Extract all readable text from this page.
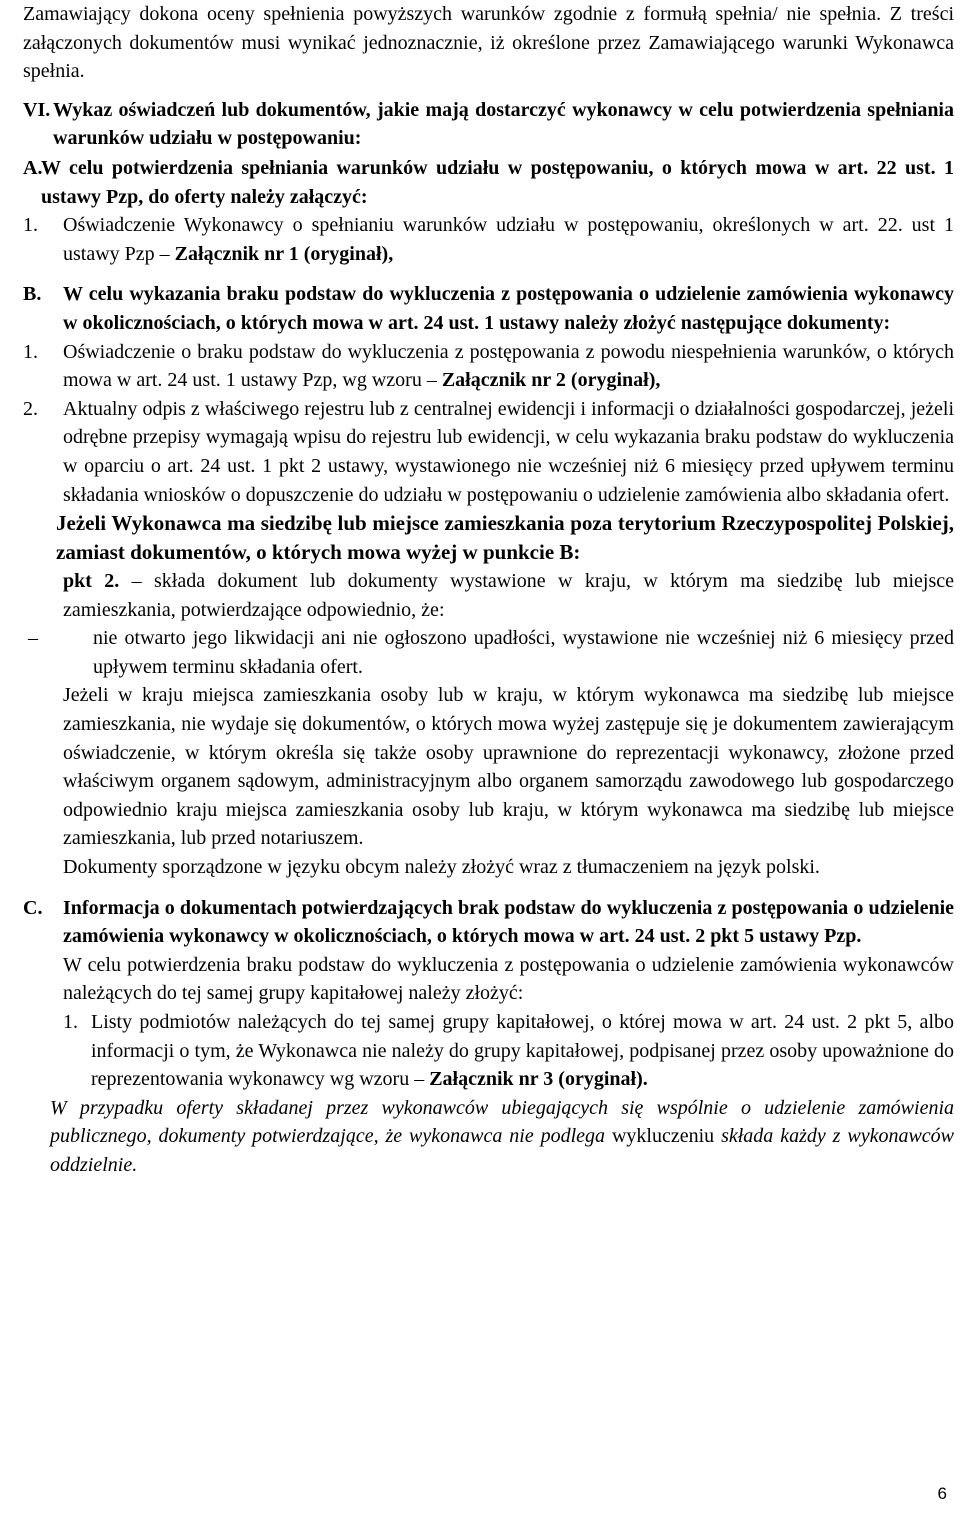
Zamawiający dokona oceny spełnienia powyższych warunków zgodnie z formułą spełnia/ nie spełnia. Z treści załączonych dokumentów musi wynikać jednoznacznie, iż określone przez Zamawiającego warunki Wykonawca spełnia.

VI. Wykaz oświadczeń lub dokumentów, jakie mają dostarczyć wykonawcy w celu potwierdzenia spełniania warunków udziału w postępowaniu:
A.
W celu potwierdzenia spełniania warunków udziału w postępowaniu, o których mowa w art. 22 ust. 1 ustawy Pzp, do oferty należy załączyć:
1.	Oświadczenie Wykonawcy o spełnianiu warunków udziału w postępowaniu, określonych w art. 22. ust 1 ustawy Pzp – Załącznik nr 1 (oryginał),
B.	W celu wykazania braku podstaw do wykluczenia z postępowania o udzielenie zamówienia wykonawcy w okolicznościach, o których mowa w art. 24 ust. 1 ustawy należy złożyć następujące dokumenty:
1.	Oświadczenie o braku podstaw do wykluczenia z postępowania z powodu niespełnienia warunków, o których mowa w art. 24 ust. 1 ustawy Pzp, wg wzoru – Załącznik nr 2 (oryginał),
2.	Aktualny odpis z właściwego rejestru lub z centralnej ewidencji i informacji o działalności gospodarczej, jeżeli odrębne przepisy wymagają wpisu do rejestru lub ewidencji, w celu wykazania braku podstaw do wykluczenia w oparciu o art. 24 ust. 1 pkt 2 ustawy, wystawionego nie wcześniej niż 6 miesięcy przed upływem terminu składania wniosków o dopuszczenie do udziału w postępowaniu o udzielenie zamówienia albo składania ofert.

Jeżeli Wykonawca ma siedzibę lub miejsce zamieszkania poza terytorium Rzeczypospolitej Polskiej, zamiast dokumentów, o których mowa wyżej w punkcie B:

pkt 2. – składa dokument lub dokumenty wystawione w kraju, w którym ma siedzibę lub miejsce zamieszkania, potwierdzające odpowiednio, że:
–	nie otwarto jego likwidacji ani nie ogłoszono upadłości, wystawione nie wcześniej niż 6 miesięcy przed upływem terminu składania ofert.

Jeżeli w kraju miejsca zamieszkania osoby lub w kraju, w którym wykonawca ma siedzibę lub miejsce zamieszkania, nie wydaje się dokumentów, o których mowa wyżej zastępuje się je dokumentem zawierającym oświadczenie, w którym określa się także osoby uprawnione do reprezentacji wykonawcy, złożone przed właściwym organem sądowym, administracyjnym albo organem samorządu zawodowego lub gospodarczego odpowiednio kraju miejsca zamieszkania osoby lub kraju, w którym wykonawca ma siedzibę lub miejsce zamieszkania, lub przed notariuszem.

Dokumenty sporządzone w języku obcym należy złożyć wraz z tłumaczeniem na język polski.

C.	Informacja o dokumentach potwierdzających brak podstaw do wykluczenia z postępowania o udzielenie zamówienia wykonawcy w okolicznościach, o których mowa w art. 24 ust. 2 pkt 5 ustawy Pzp.

W celu potwierdzenia braku podstaw do wykluczenia z postępowania o udzielenie zamówienia wykonawców należących do tej samej grupy kapitałowej należy złożyć:

1. Listy podmiotów należących do tej samej grupy kapitałowej, o której mowa w art. 24 ust. 2 pkt 5, albo informacji o tym, że Wykonawca nie należy do grupy kapitałowej, podpisanej przez osoby upoważnione do reprezentowania wykonawcy wg wzoru – Załącznik nr 3 (oryginał).

W przypadku oferty składanej przez wykonawców ubiegających się wspólnie o udzielenie zamówienia publicznego, dokumenty potwierdzające, że wykonawca nie podlega wykluczeniu składa każdy z wykonawców oddzielnie.

6
